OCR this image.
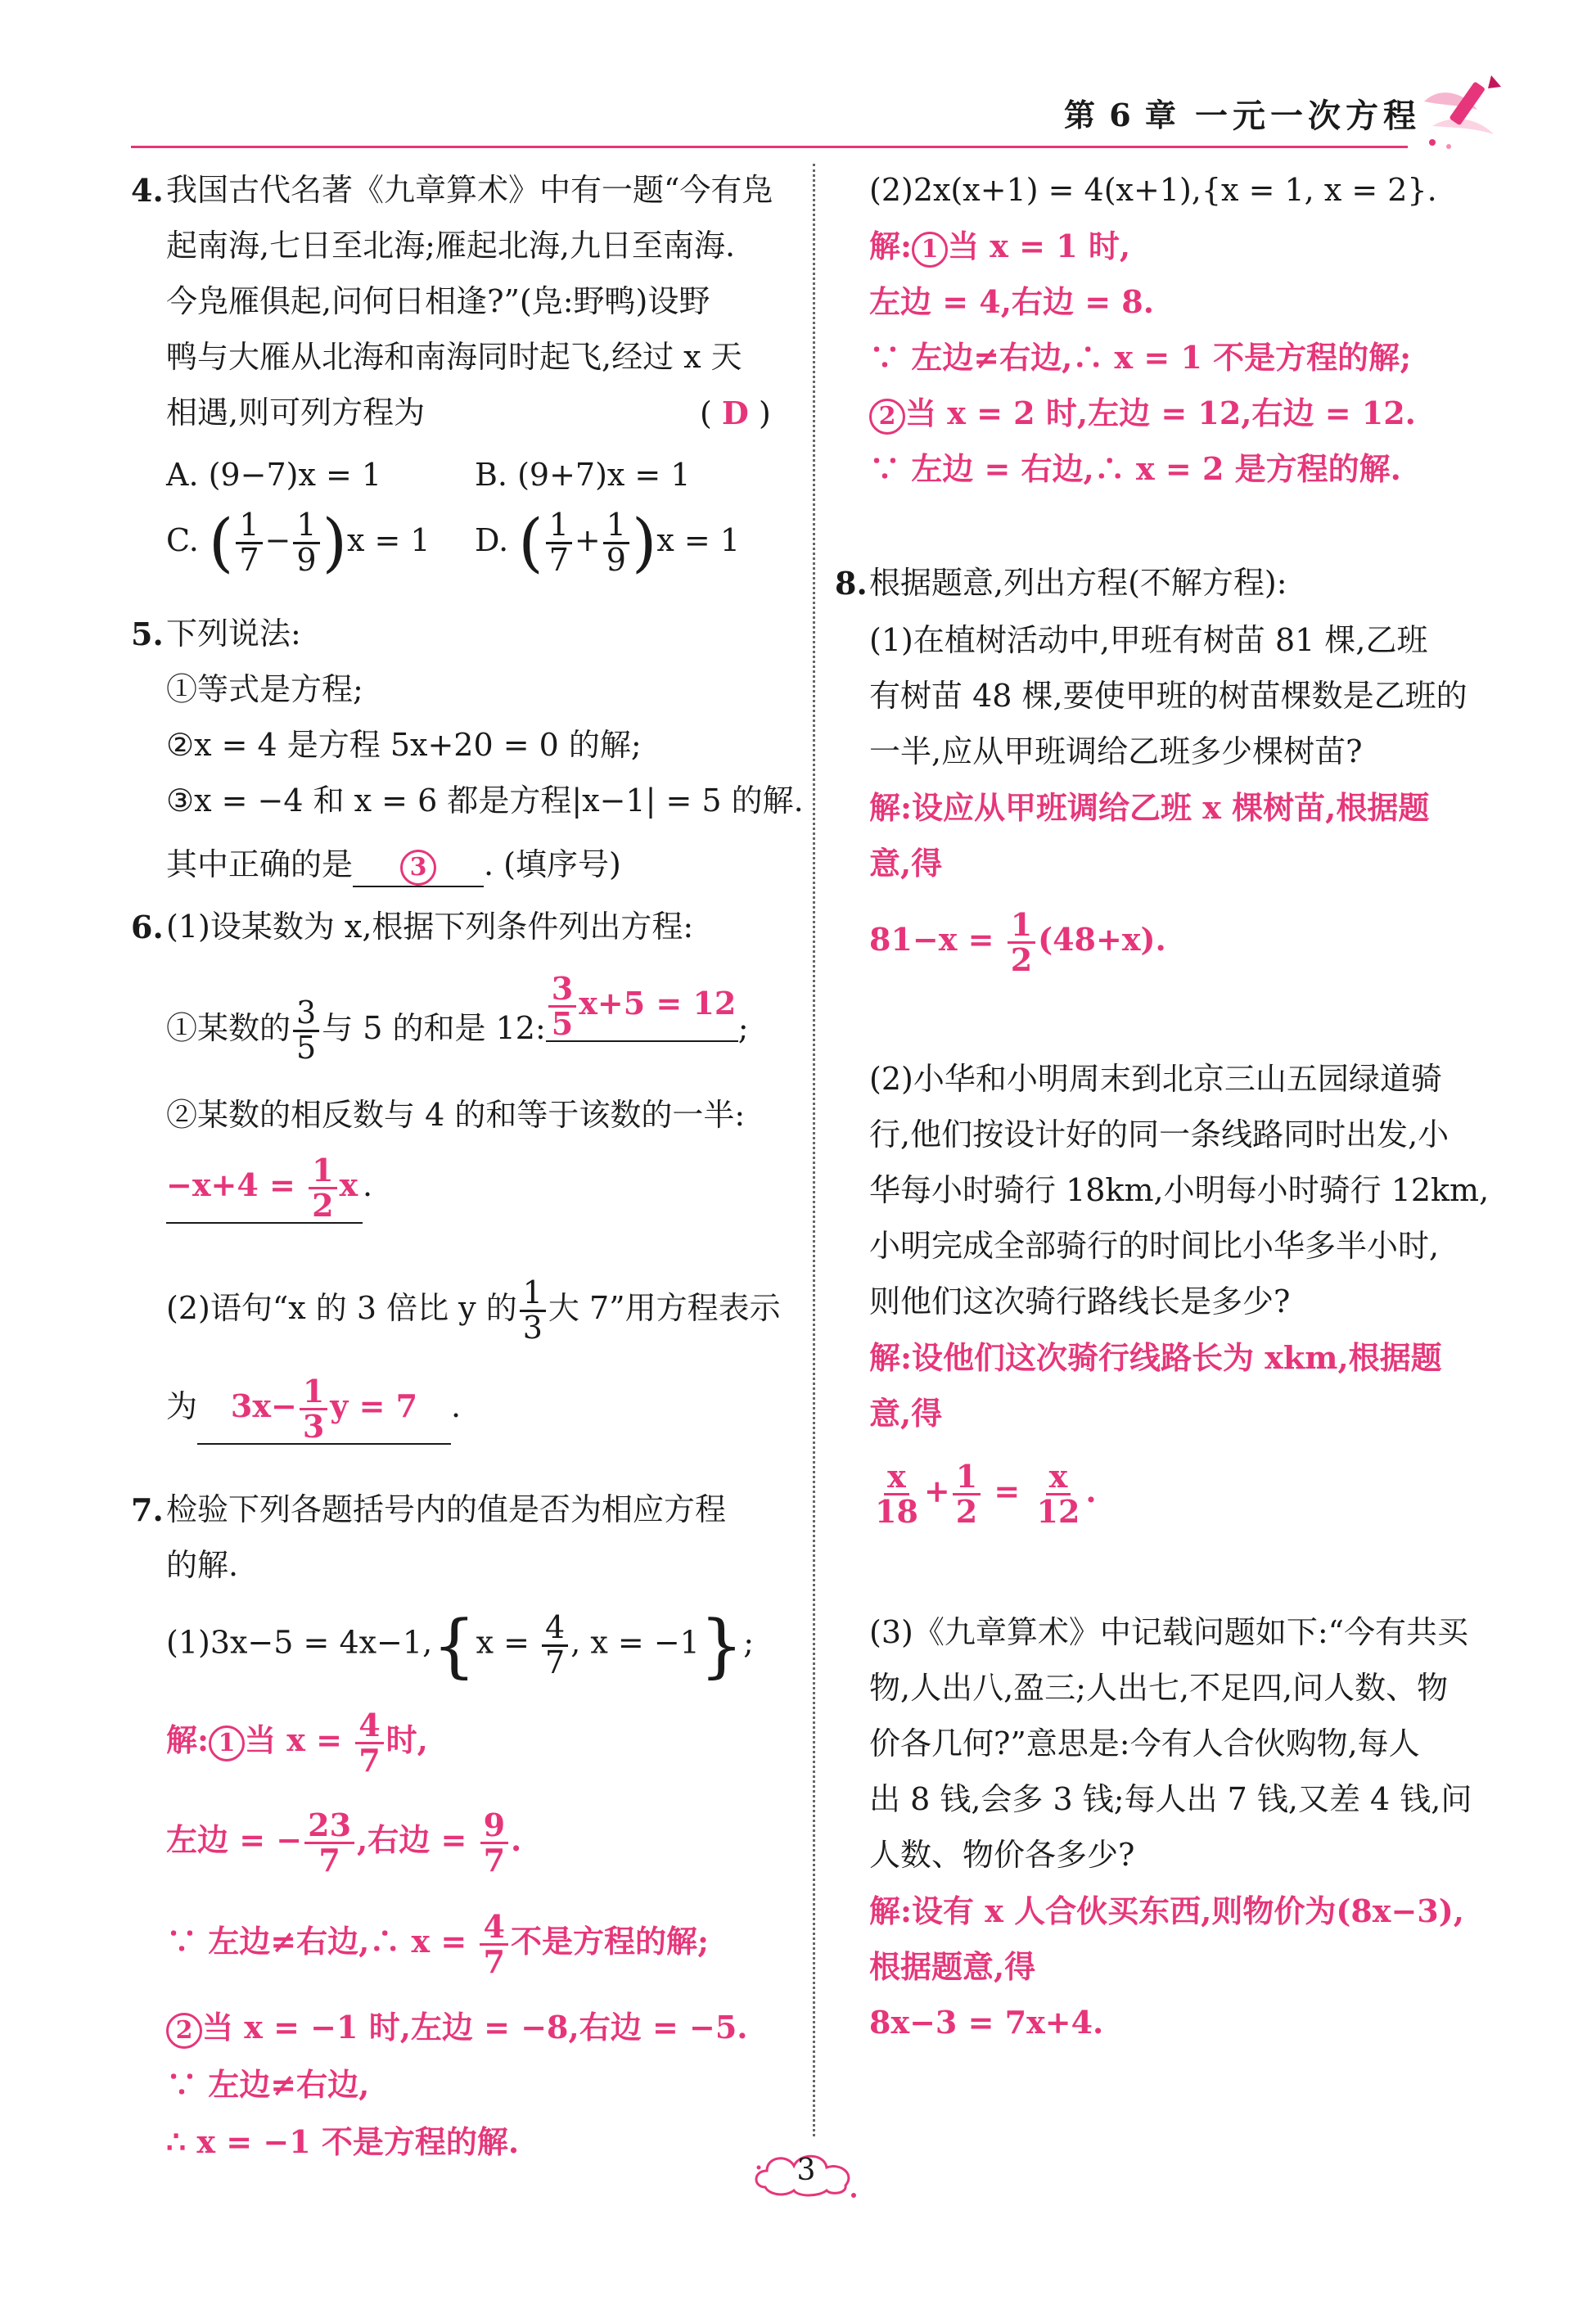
第 6 章 一元一次方程
4. 我国古代名著《九章算术》中有一题“今有凫
起南海,七日至北海;雁起北海,九日至南海.
今凫雁俱起,问何日相逢?”(凫:野鸭)设野
鸭与大雁从北海和南海同时起飞,经过 x 天
相遇,则可列方程为	( D )
A. (9−7)x = 1	B. (9+7)x = 1
C. ( $\frac{1}{7} - \frac{1}{9} )x = 1$ D. ( $\frac{1}{7} + \frac{1}{9} )x = 1$
5. 下列说法:
①等式是方程;
②x = 4 是方程 5x+20 = 0 的解;
③x = −4 和 x = 6 都是方程|x−1| = 5 的解.
其中正确的是 3 . (填序号)
6. (1)设某数为 x,根据下列条件列出方程:
①某数的 $\frac{3}{5}$ 与 5 的和是 12: $\frac{3}{5} x+5 = 12$;
②某数的相反数与 4 的和等于该数的一半:
$-x+4 = \frac{1}{2}$ x .
(2)语句“x 的 3 倍比 y 的 $\frac{1}{3}$ 大 7”用方程表示
为 $3x- \frac{1}{3}$ y = 7 .
7. 检验下列各题括号内的值是否为相应方程
的解.
$(1)3x-5 = 4x-1,\{x = \frac{4}{7}$ , x = −1};
解: 1 当 $x = \frac{4}{7}$ 时,
左边 = − $\frac{23}{7}$ ,右边 = $\frac{9}{7}$ .
∵ 左边≠右边,∴ $x = \frac{4}{7}$ 不是方程的解;
2 当 x = −1 时,左边 = −8,右边 = −5.
∵ 左边≠右边,
∴ x = −1 不是方程的解.
(2)2x(x+1) = 4(x+1),{x = 1, x = 2}.
解: 1 当 x = 1 时,
左边 = 4,右边 = 8.
∵ 左边≠右边,∴ x = 1 不是方程的解;
2 当 x = 2 时,左边 = 12,右边 = 12.
∵ 左边 = 右边,∴ x = 2 是方程的解.
8. 根据题意,列出方程(不解方程):
(1)在植树活动中,甲班有树苗 81 棵,乙班
有树苗 48 棵,要使甲班的树苗棵数是乙班的
一半,应从甲班调给乙班多少棵树苗?
解:设应从甲班调给乙班 x 棵树苗,根据题
意,得
$81-x = \frac{1}{2} (48+x)$.
(2)小华和小明周末到北京三山五园绿道骑
行,他们按设计好的同一条线路同时出发,小
华每小时骑行 18km,小明每小时骑行 12km,
小明完成全部骑行的时间比小华多半小时,
则他们这次骑行路线长是多少?
解:设他们这次骑行线路长为 xkm,根据题
意,得
$\frac{x}{18} + \frac{1}{2} = \frac{x}{12}$ .
(3)《九章算术》中记载问题如下:“今有共买
物,人出八,盈三;人出七,不足四,问人数、物
价各几何?”意思是:今有人合伙购物,每人
出 8 钱,会多 3 钱;每人出 7 钱,又差 4 钱,问
人数、物价各多少?
解:设有 x 人合伙买东西,则物价为(8x−3),
根据题意,得
8x−3 = 7x+4.
3
